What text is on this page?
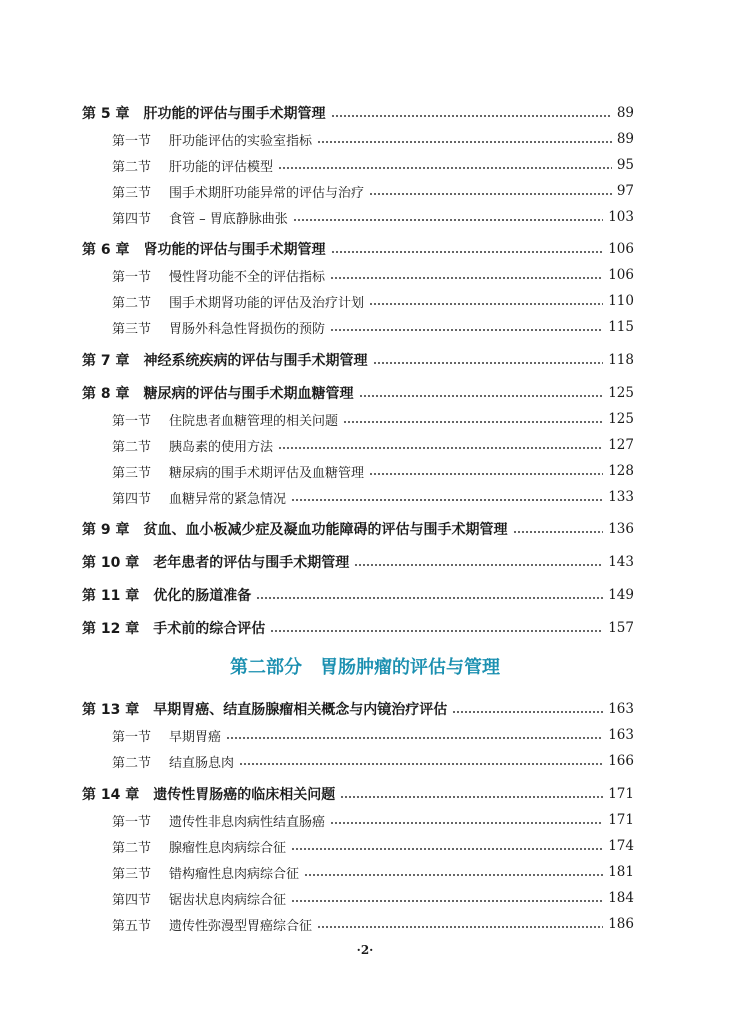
第 5 章 肝功能的评估与围手术期管理	89
第一节 肝功能评估的实验室指标	89
第二节 肝功能的评估模型	95
第三节 围手术期肝功能异常的评估与治疗	97
第四节 食管 – 胃底静脉曲张	103
第 6 章 肾功能的评估与围手术期管理	106
第一节 慢性肾功能不全的评估指标	106
第二节 围手术期肾功能的评估及治疗计划	110
第三节 胃肠外科急性肾损伤的预防	115
第 7 章 神经系统疾病的评估与围手术期管理	118
第 8 章 糖尿病的评估与围手术期血糖管理	125
第一节 住院患者血糖管理的相关问题	125
第二节 胰岛素的使用方法	127
第三节 糖尿病的围手术期评估及血糖管理	128
第四节 血糖异常的紧急情况	133
第 9 章 贫血、血小板减少症及凝血功能障碍的评估与围手术期管理	136
第 10 章 老年患者的评估与围手术期管理	143
第 11 章 优化的肠道准备	149
第 12 章 手术前的综合评估	157
第 13 章 早期胃癌、结直肠腺瘤相关概念与内镜治疗评估	163
第一节 早期胃癌	163
第二节 结直肠息肉	166
第 14 章 遗传性胃肠癌的临床相关问题	171
第一节 遗传性非息肉病性结直肠癌	171
第二节 腺瘤性息肉病综合征	174
第三节 错构瘤性息肉病综合征	181
第四节 锯齿状息肉病综合征	184
第五节 遗传性弥漫型胃癌综合征	186
第二部分　胃肠肿瘤的评估与管理
·2·
